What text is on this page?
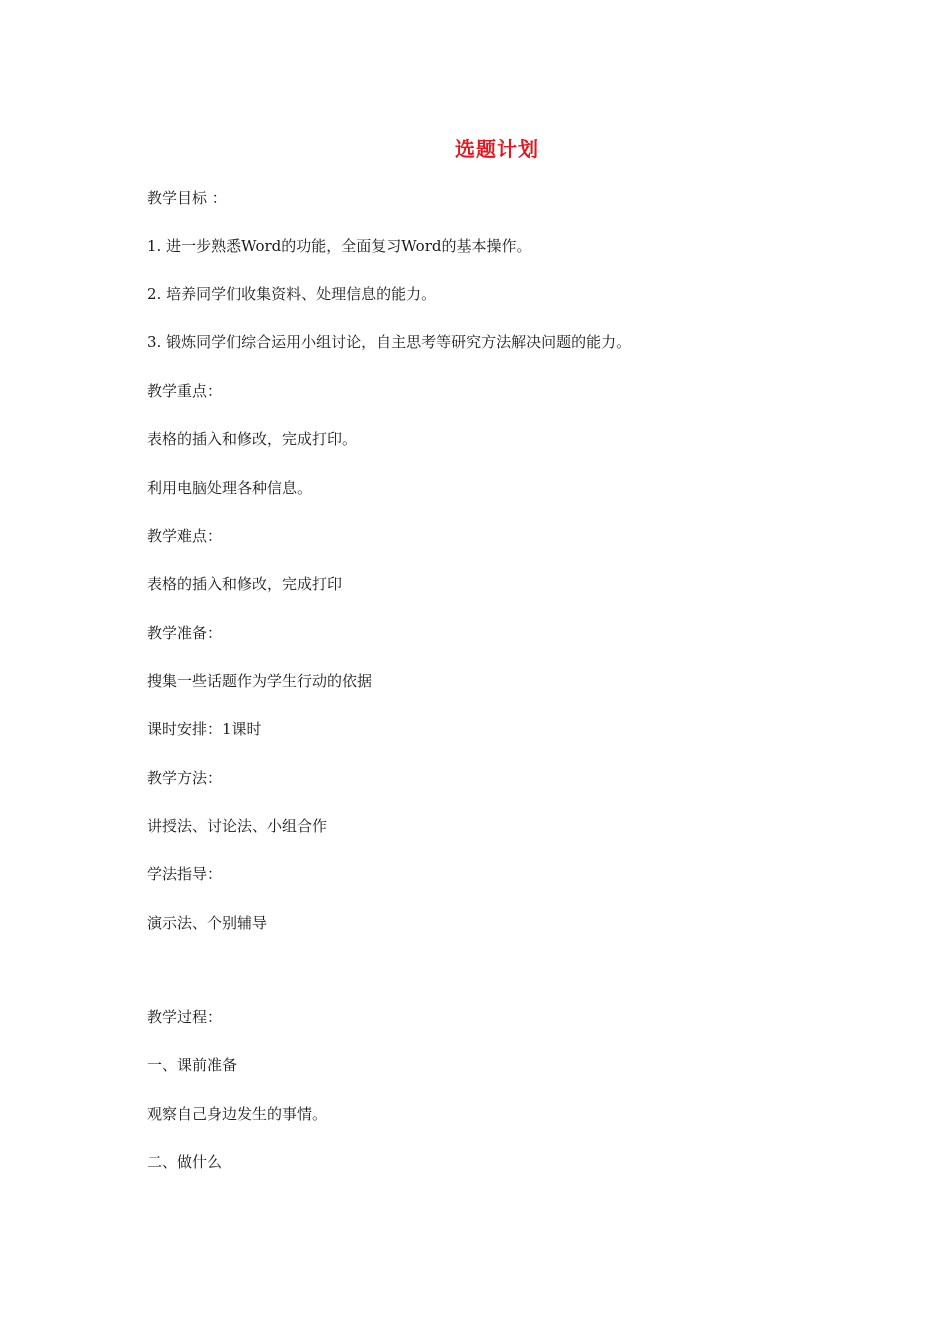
选题计划
教学目标 ：
1. 进一步熟悉Word的功能，全面复习Word的基本操作。
2. 培养同学们收集资料、处理信息的能力。
3. 锻炼同学们综合运用小组讨论，自主思考等研究方法解决问题的能力。
教学重点：
表格的插入和修改，完成打印。
利用电脑处理各种信息。
教学难点：
表格的插入和修改，完成打印
教学准备：
搜集一些话题作为学生行动的依据
课时安排：1课时
教学方法：
讲授法、讨论法、小组合作
学法指导：
演示法、个别辅导
教学过程：
一、课前准备
观察自己身边发生的事情。
二、做什么
